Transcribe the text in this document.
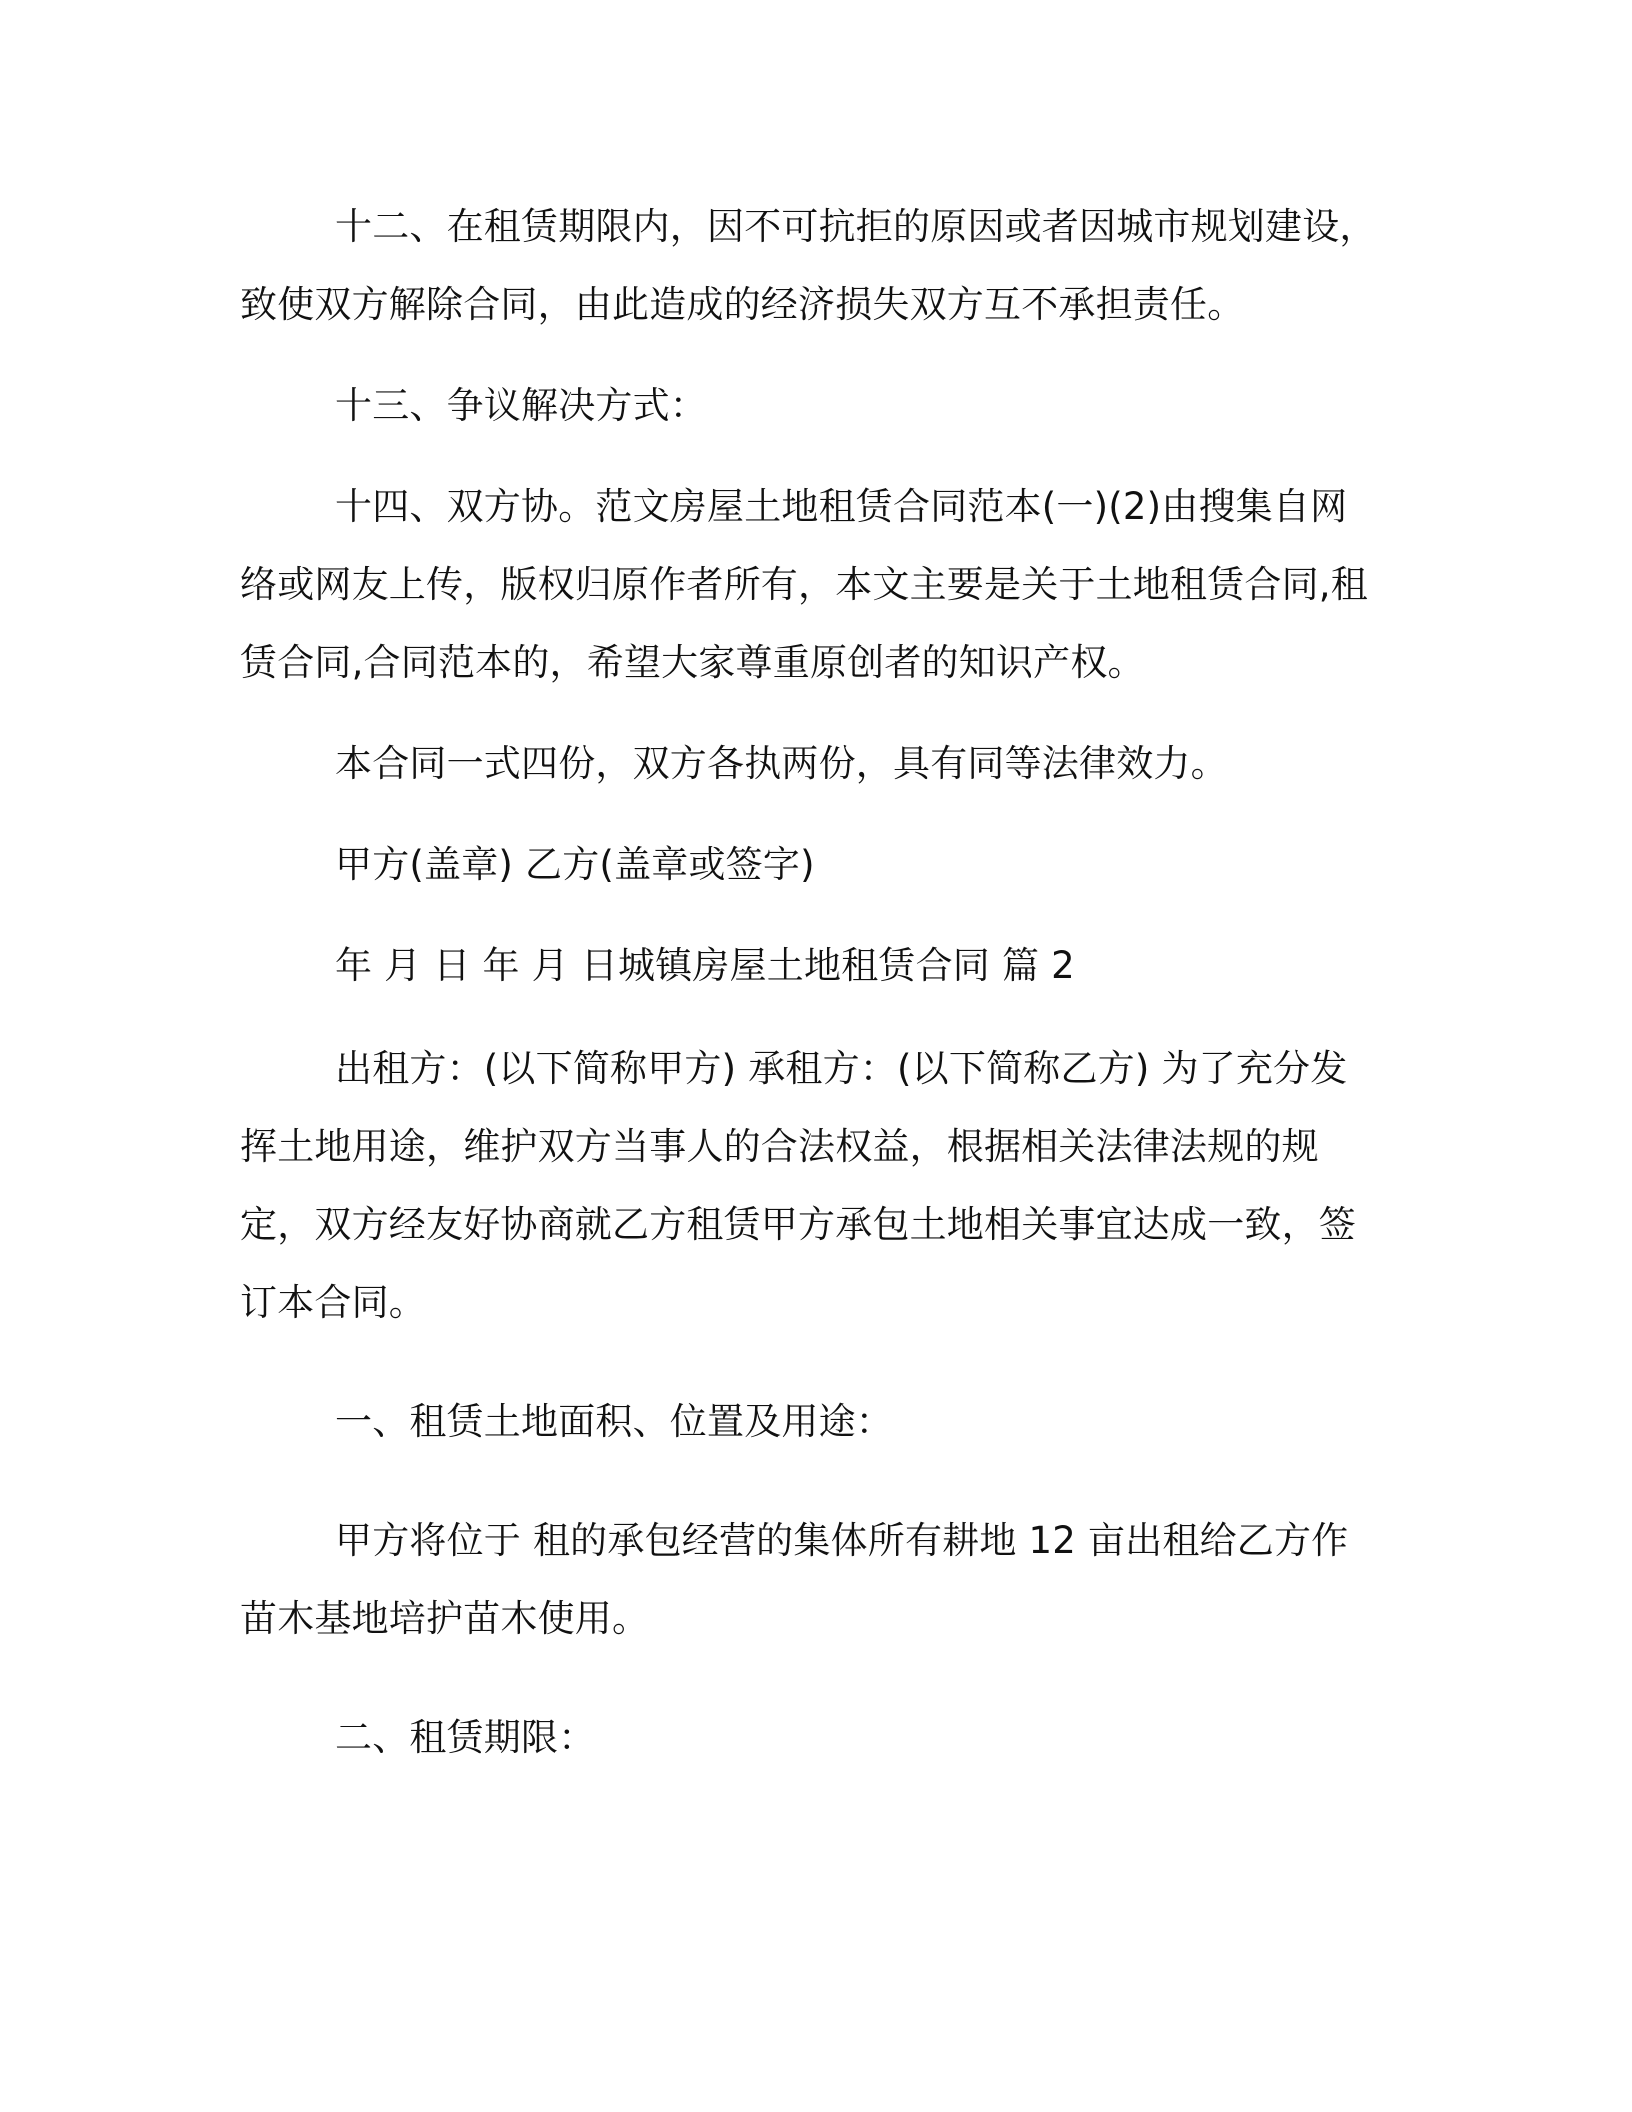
十二、在租赁期限内，因不可抗拒的原因或者因城市规划建设，致使双方解除合同，由此造成的经济损失双方互不承担责任。

十三、争议解决方式：

十四、双方协。范文房屋土地租赁合同范本(一)(2)由搜集自网络或网友上传，版权归原作者所有，本文主要是关于土地租赁合同,租赁合同,合同范本的，希望大家尊重原创者的知识产权。

本合同一式四份，双方各执两份，具有同等法律效力。

甲方(盖章) 乙方(盖章或签字)

年 月 日 年 月 日城镇房屋土地租赁合同 篇 2

出租方：(以下简称甲方) 承租方：(以下简称乙方) 为了充分发挥土地用途，维护双方当事人的合法权益，根据相关法律法规的规定，双方经友好协商就乙方租赁甲方承包土地相关事宜达成一致，签订本合同。

一、租赁土地面积、位置及用途：

甲方将位于 租的承包经营的集体所有耕地 12 亩出租给乙方作苗木基地培护苗木使用。

二、租赁期限：
